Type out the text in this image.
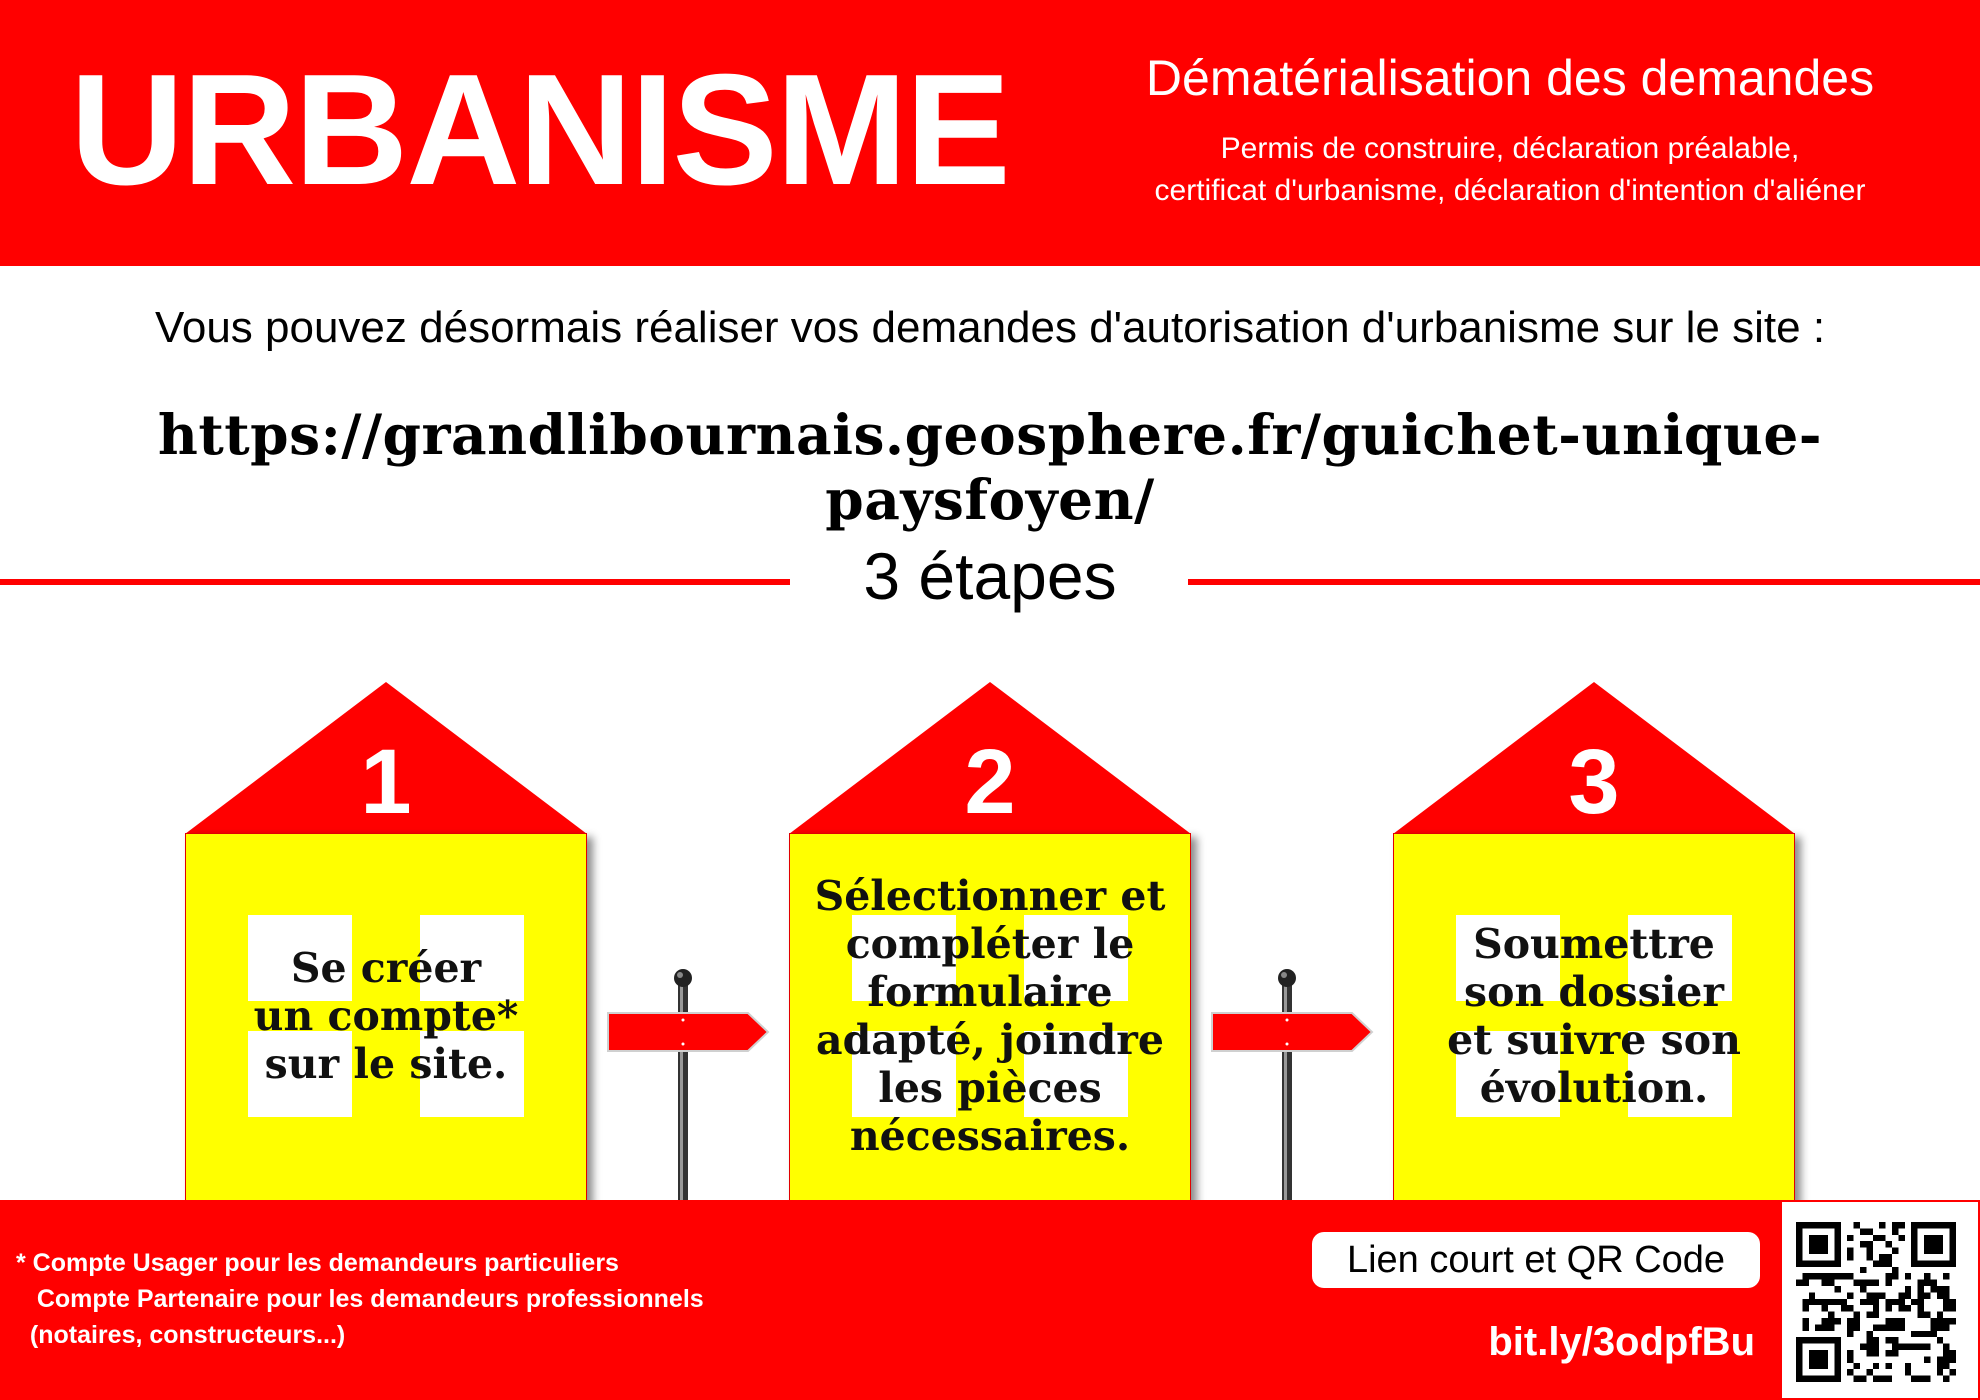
URBANISME	Dématérialisation des demandes
Permis de construire, déclaration préalable,
certificat d'urbanisme, déclaration d'intention d'aliéner
Vous pouvez désormais réaliser vos demandes d'autorisation d'urbanisme sur le site :
https://grandlibournais.geosphere.fr/guichet-unique-paysfoyen/
3 étapes
1
Se créer
un compte*
sur le site.
2
Sélectionner et
compléter le
formulaire
adapté, joindre
les pièces
nécessaires.
3
Soumettre
son dossier
et suivre son
évolution.
* Compte Usager pour les demandeurs particuliers
Compte Partenaire pour les demandeurs professionnels
(notaires, constructeurs...)
Lien court et QR Code
bit.ly/3odpfBu
